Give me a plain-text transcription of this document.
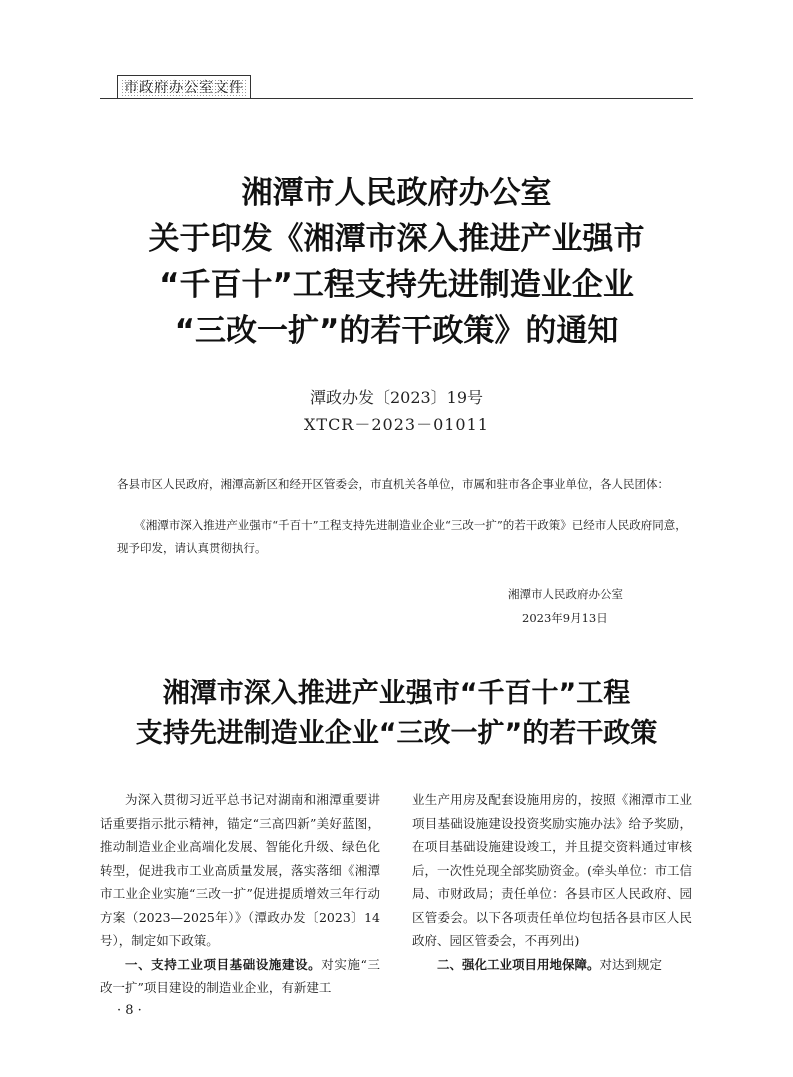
市政府办公室文件
湘潭市人民政府办公室
关于印发《湘潭市深入推进产业强市
“千百十”工程支持先进制造业企业
“三改一扩”的若干政策》的通知
潭政办发〔2023〕19号
XTCR－2023－01011
各县市区人民政府，湘潭高新区和经开区管委会，市直机关各单位，市属和驻市各企事业单位，各人民团体：
《湘潭市深入推进产业强市“千百十”工程支持先进制造业企业“三改一扩”的若干政策》已经市人民政府同意，现予印发，请认真贯彻执行。
湘潭市人民政府办公室
2023年9月13日
湘潭市深入推进产业强市“千百十”工程
支持先进制造业企业“三改一扩”的若干政策

为深入贯彻习近平总书记对湖南和湘潭重要讲话重要指示批示精神，锚定“三高四新”美好蓝图，推动制造业企业高端化发展、智能化升级、绿色化转型，促进我市工业高质量发展，落实落细《湘潭市工业企业实施“三改一扩”促进提质增效三年行动方案（2023—2025年）》（潭政办发〔2023〕14号），制定如下政策。

一、支持工业项目基础设施建设。对实施“三改一扩”项目建设的制造业企业，有新建工

业生产用房及配套设施用房的，按照《湘潭市工业项目基础设施建设投资奖励实施办法》给予奖励，在项目基础设施建设竣工，并且提交资料通过审核后，一次性兑现全部奖励资金。(牵头单位：市工信局、市财政局；责任单位：各县市区人民政府、园区管委会。以下各项责任单位均包括各县市区人民政府、园区管委会，不再列出)

二、强化工业项目用地保障。对达到规定

· 8 ·
